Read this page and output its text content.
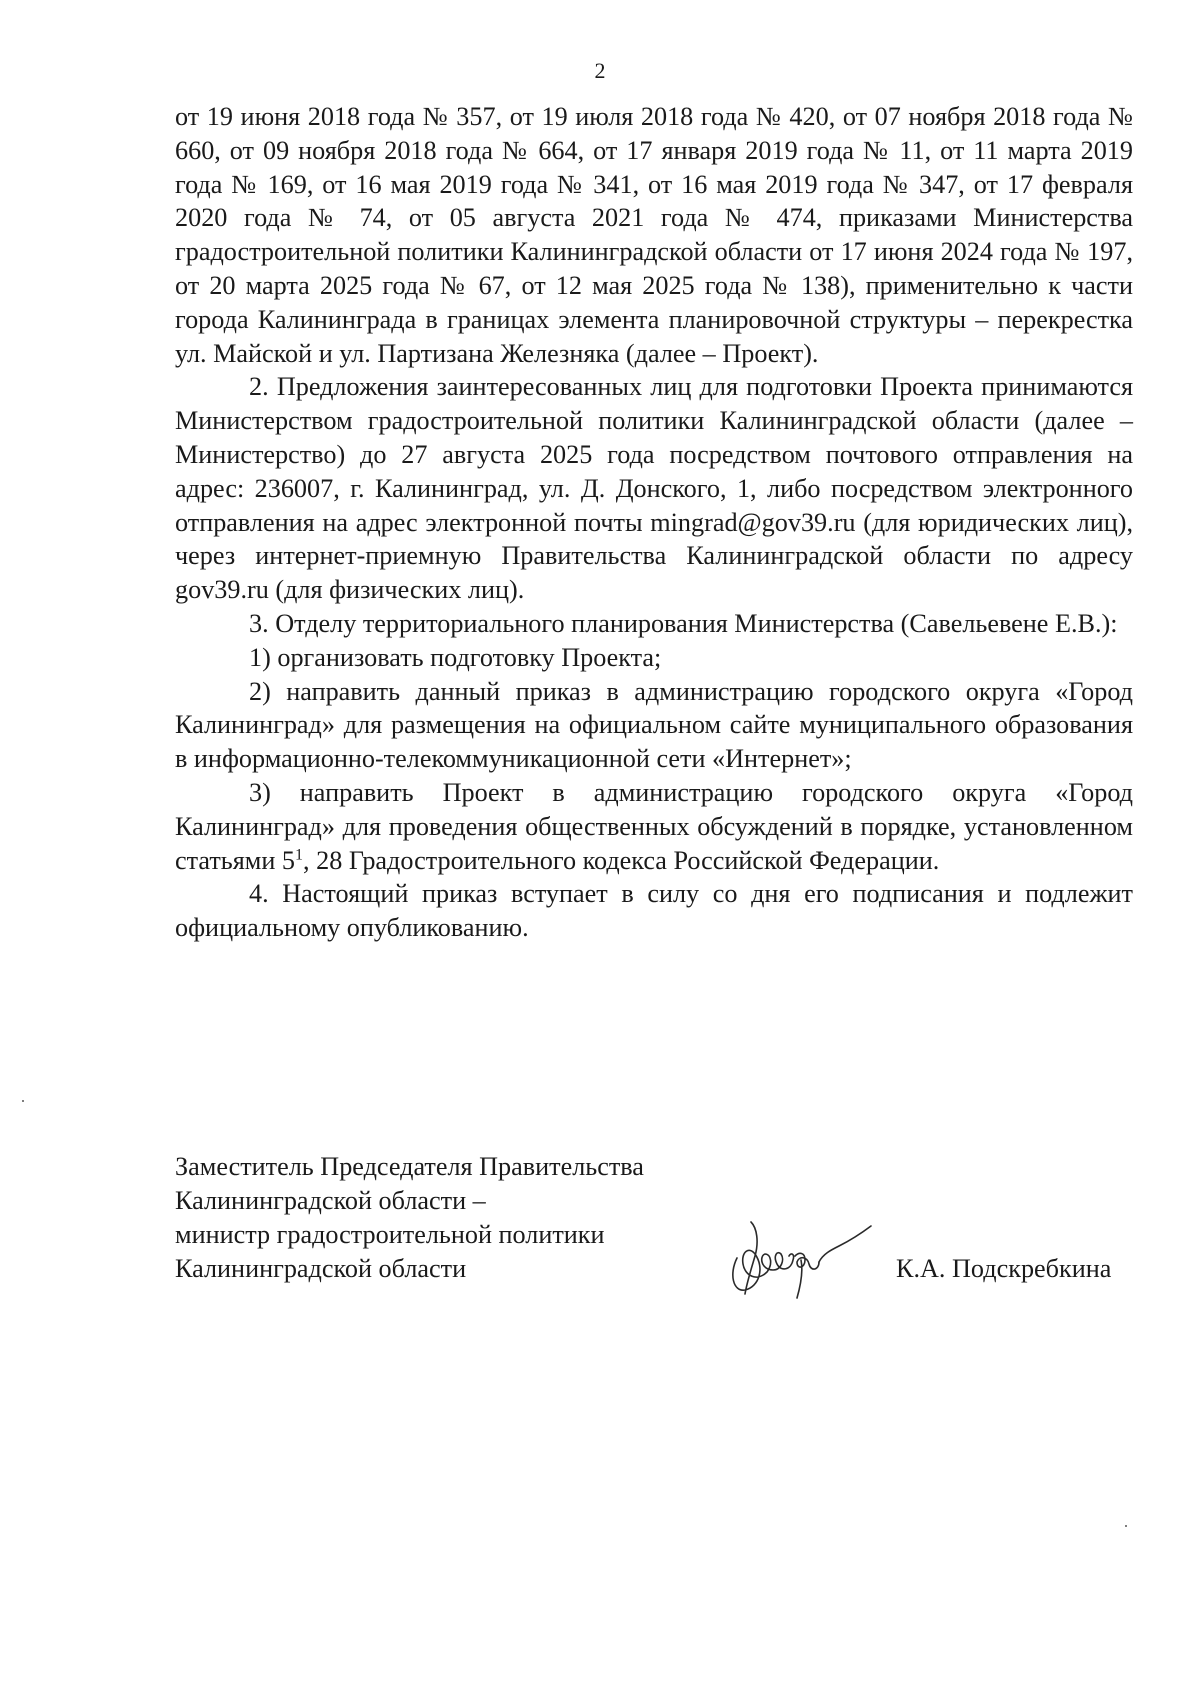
2

от 19 июня 2018 года № 357, от 19 июля 2018 года № 420, от 07 ноября 2018 года № 660, от 09 ноября 2018 года № 664, от 17 января 2019 года № 11, от 11 марта 2019 года № 169, от 16 мая 2019 года № 341, от 16 мая 2019 года № 347, от 17 февраля 2020 года № 74, от 05 августа 2021 года № 474, приказами Министерства градостроительной политики Калининградской области от 17 июня 2024 года № 197, от 20 марта 2025 года № 67, от 12 мая 2025 года № 138), применительно к части города Калининграда в границах элемента планировочной структуры – перекрестка ул. Майской и ул. Партизана Железняка (далее – Проект).

2. Предложения заинтересованных лиц для подготовки Проекта принимаются Министерством градостроительной политики Калининградской области (далее – Министерство) до 27 августа 2025 года посредством почтового отправления на адрес: 236007, г. Калининград, ул. Д. Донского, 1, либо посредством электронного отправления на адрес электронной почты mingrad@gov39.ru (для юридических лиц), через интернет-приемную Правительства Калининградской области по адресу gov39.ru (для физических лиц).

3. Отделу территориального планирования Министерства (Савельевене Е.В.):

1) организовать подготовку Проекта;

2) направить данный приказ в администрацию городского округа «Город Калининград» для размещения на официальном сайте муниципального образования в информационно-телекоммуникационной сети «Интернет»;

3) направить Проект в администрацию городского округа «Город Калининград» для проведения общественных обсуждений в порядке, установленном статьями $5^1$, 28 Градостроительного кодекса Российской Федерации.

4. Настоящий приказ вступает в силу со дня его подписания и подлежит официальному опубликованию.

Заместитель Председателя Правительства
Калининградской области –
министр градостроительной политики
Калининградской области	К.А. Подскребкина
